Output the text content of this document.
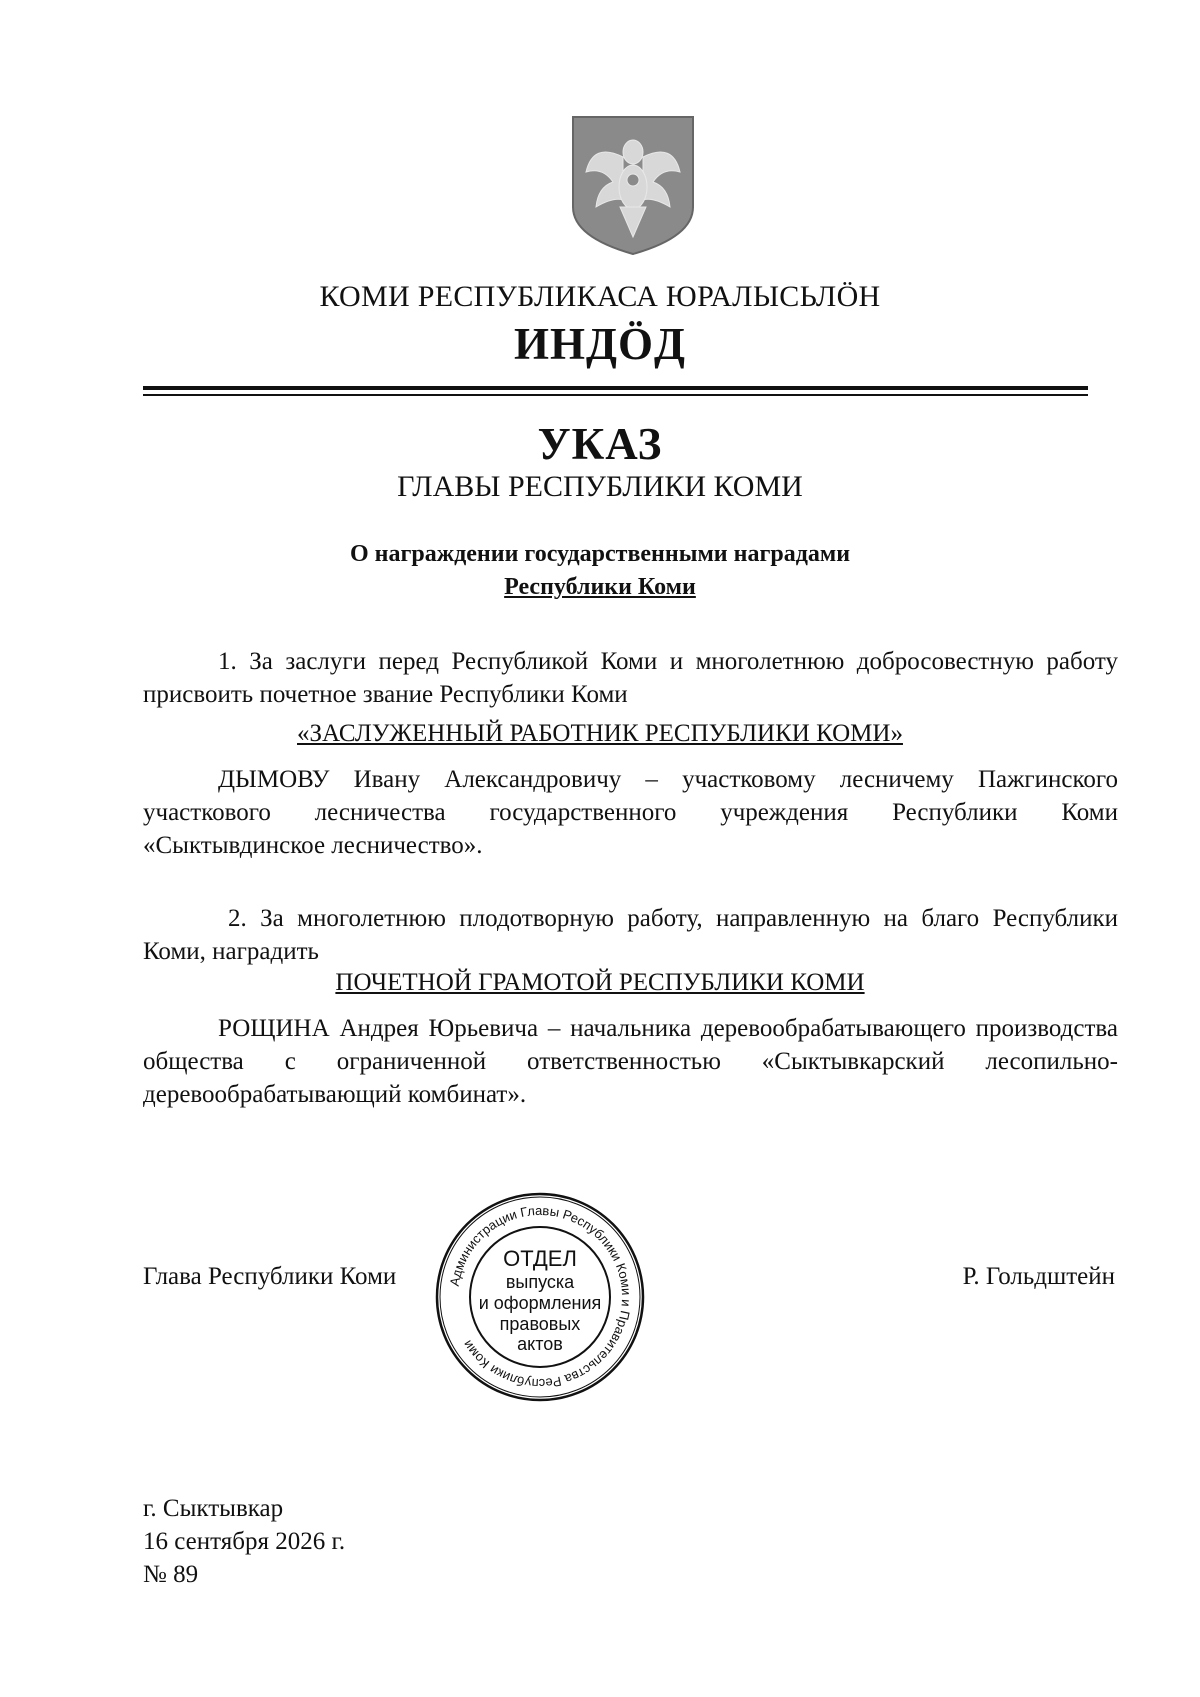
КОМИ РЕСПУБЛИКАСА ЮРАЛЫСЬЛӦН
ИНДӦД
УКАЗ
ГЛАВЫ РЕСПУБЛИКИ КОМИ
О награждении государственными наградами
Республики Коми
1. За заслуги перед Республикой Коми и многолетнюю добросовестную работу присвоить почетное звание Республики Коми
«ЗАСЛУЖЕННЫЙ РАБОТНИК РЕСПУБЛИКИ КОМИ»
ДЫМОВУ Ивану Александровичу – участковому лесничему Пажгинского участкового лесничества государственного учреждения Республики Коми «Сыктывдинское лесничество».
2. За многолетнюю плодотворную работу, направленную на благо Республики Коми, наградить
ПОЧЕТНОЙ ГРАМОТОЙ РЕСПУБЛИКИ КОМИ
РОЩИНА Андрея Юрьевича – начальника деревообрабатывающего производства общества с ограниченной ответственностью «Сыктывкарский лесопильно-деревообрабатывающий комбинат».
Глава Республики Коми	Р. Гольдштейн
Администрации Главы Республики Коми и Правительства Республики Коми
ОТДЕЛ
выпуска
и оформления
правовых
актов
г. Сыктывкар
16 сентября 2026 г.
№ 89
